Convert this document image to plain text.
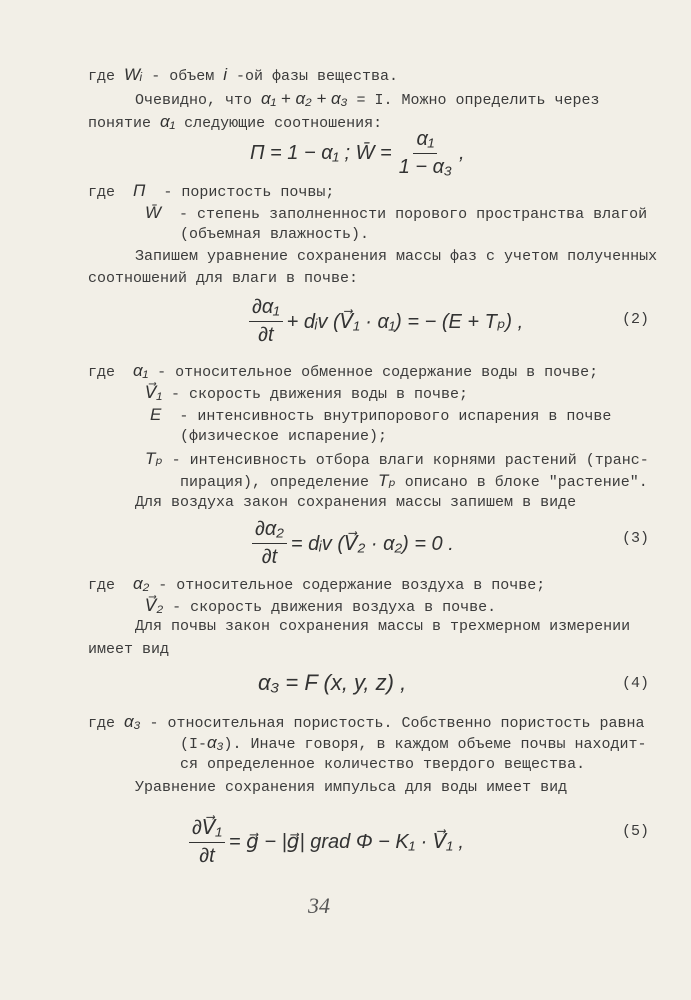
где Wᵢ - объем i -ой фазы вещества.
Очевидно, что α₁ + α₂ + α₃ = I. Можно определить через
понятие α₁ следующие соотношения:
П = 1 − α₁ ; W̄ = $\frac{\text{α₁}}{\text{1 − α₃}}$ ,
где  П  - пористость почвы;
W̄  - степень заполненности порового пространства влагой
(объемная влажность).
Запишем уравнение сохранения массы фаз с учетом полученных
соотношений для влаги в почве:
$\frac{\text{∂α₁}}{\partial t}$ + dᵢv (V⃗₁ · α₁) = − (E + Tₚ) ,	(2)
где  α₁ - относительное обменное содержание воды в почве;
V⃗₁ - скорость движения воды в почве;
E  - интенсивность внутрипорового испарения в почве
(физическое испарение);
Tₚ - интенсивность отбора влаги корнями растений (транс-
пирация), определение Tₚ описано в блоке "растение".
Для воздуха закон сохранения массы запишем в виде
$\frac{\text{∂α₂}}{\partial t}$ = dᵢv (V⃗₂ · α₂) = 0 .	(3)
где  α₂ - относительное содержание воздуха в почве;
V⃗₂ - скорость движения воздуха в почве.
Для почвы закон сохранения массы в трехмерном измерении
имеет вид
α₃ = F (x, y, z) ,	(4)
где α₃ - относительная пористость. Собственно пористость равна
(I-α₃). Иначе говоря, в каждом объеме почвы находит-
ся определенное количество твердого вещества.
Уравнение сохранения импульса для воды имеет вид
$\frac{\text{∂V⃗₁}}{\partial t}$ = g⃗ − |g⃗| grad Φ − K₁ · V⃗₁ ,	(5)
34
